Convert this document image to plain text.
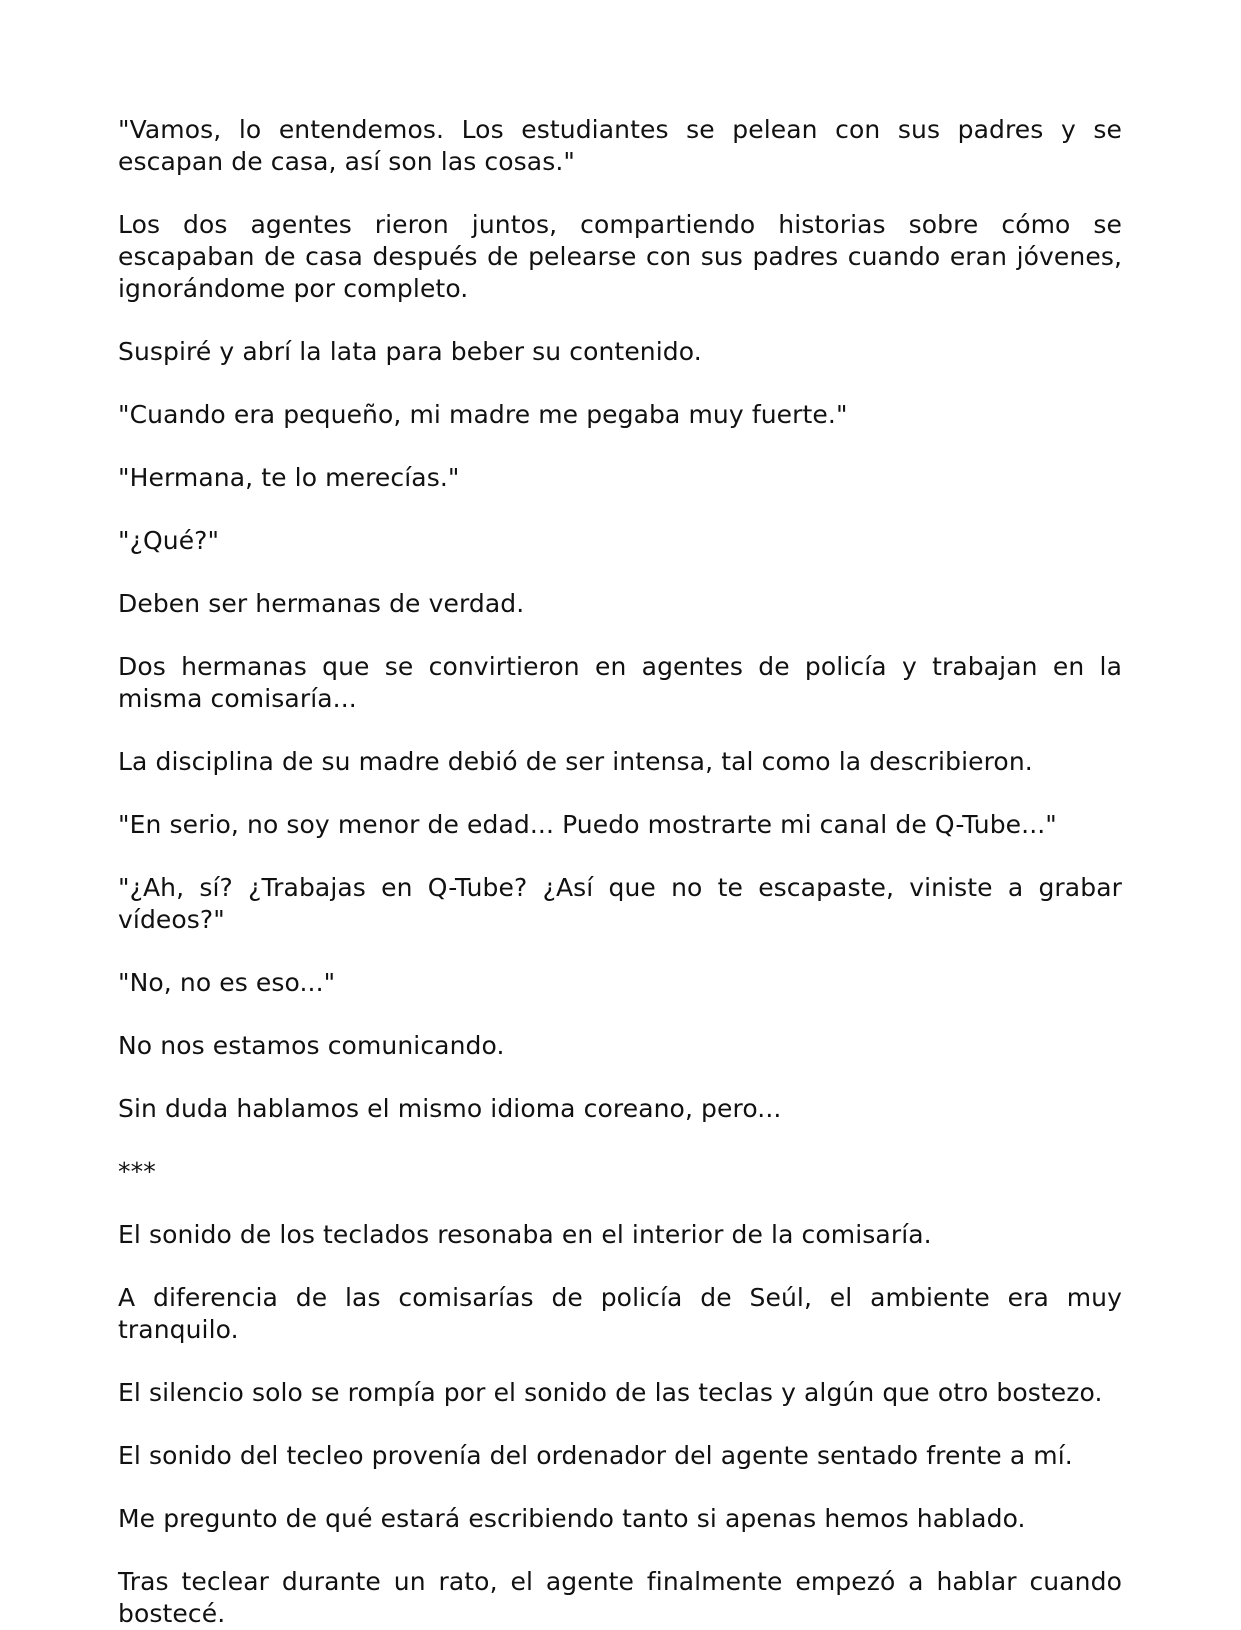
"Vamos, lo entendemos. Los estudiantes se pelean con sus padres y se escapan de casa, así son las cosas."

Los dos agentes rieron juntos, compartiendo historias sobre cómo se escapaban de casa después de pelearse con sus padres cuando eran jóvenes, ignorándome por completo.

Suspiré y abrí la lata para beber su contenido.

"Cuando era pequeño, mi madre me pegaba muy fuerte."

"Hermana, te lo merecías."

"¿Qué?"

Deben ser hermanas de verdad.

Dos hermanas que se convirtieron en agentes de policía y trabajan en la misma comisaría...

La disciplina de su madre debió de ser intensa, tal como la describieron.

"En serio, no soy menor de edad... Puedo mostrarte mi canal de Q-Tube..."

"¿Ah, sí? ¿Trabajas en Q-Tube? ¿Así que no te escapaste, viniste a grabar vídeos?"

"No, no es eso..."

No nos estamos comunicando.

Sin duda hablamos el mismo idioma coreano, pero...

***

El sonido de los teclados resonaba en el interior de la comisaría.

A diferencia de las comisarías de policía de Seúl, el ambiente era muy tranquilo.

El silencio solo se rompía por el sonido de las teclas y algún que otro bostezo.

El sonido del tecleo provenía del ordenador del agente sentado frente a mí.

Me pregunto de qué estará escribiendo tanto si apenas hemos hablado.

Tras teclear durante un rato, el agente finalmente empezó a hablar cuando bostecé.
